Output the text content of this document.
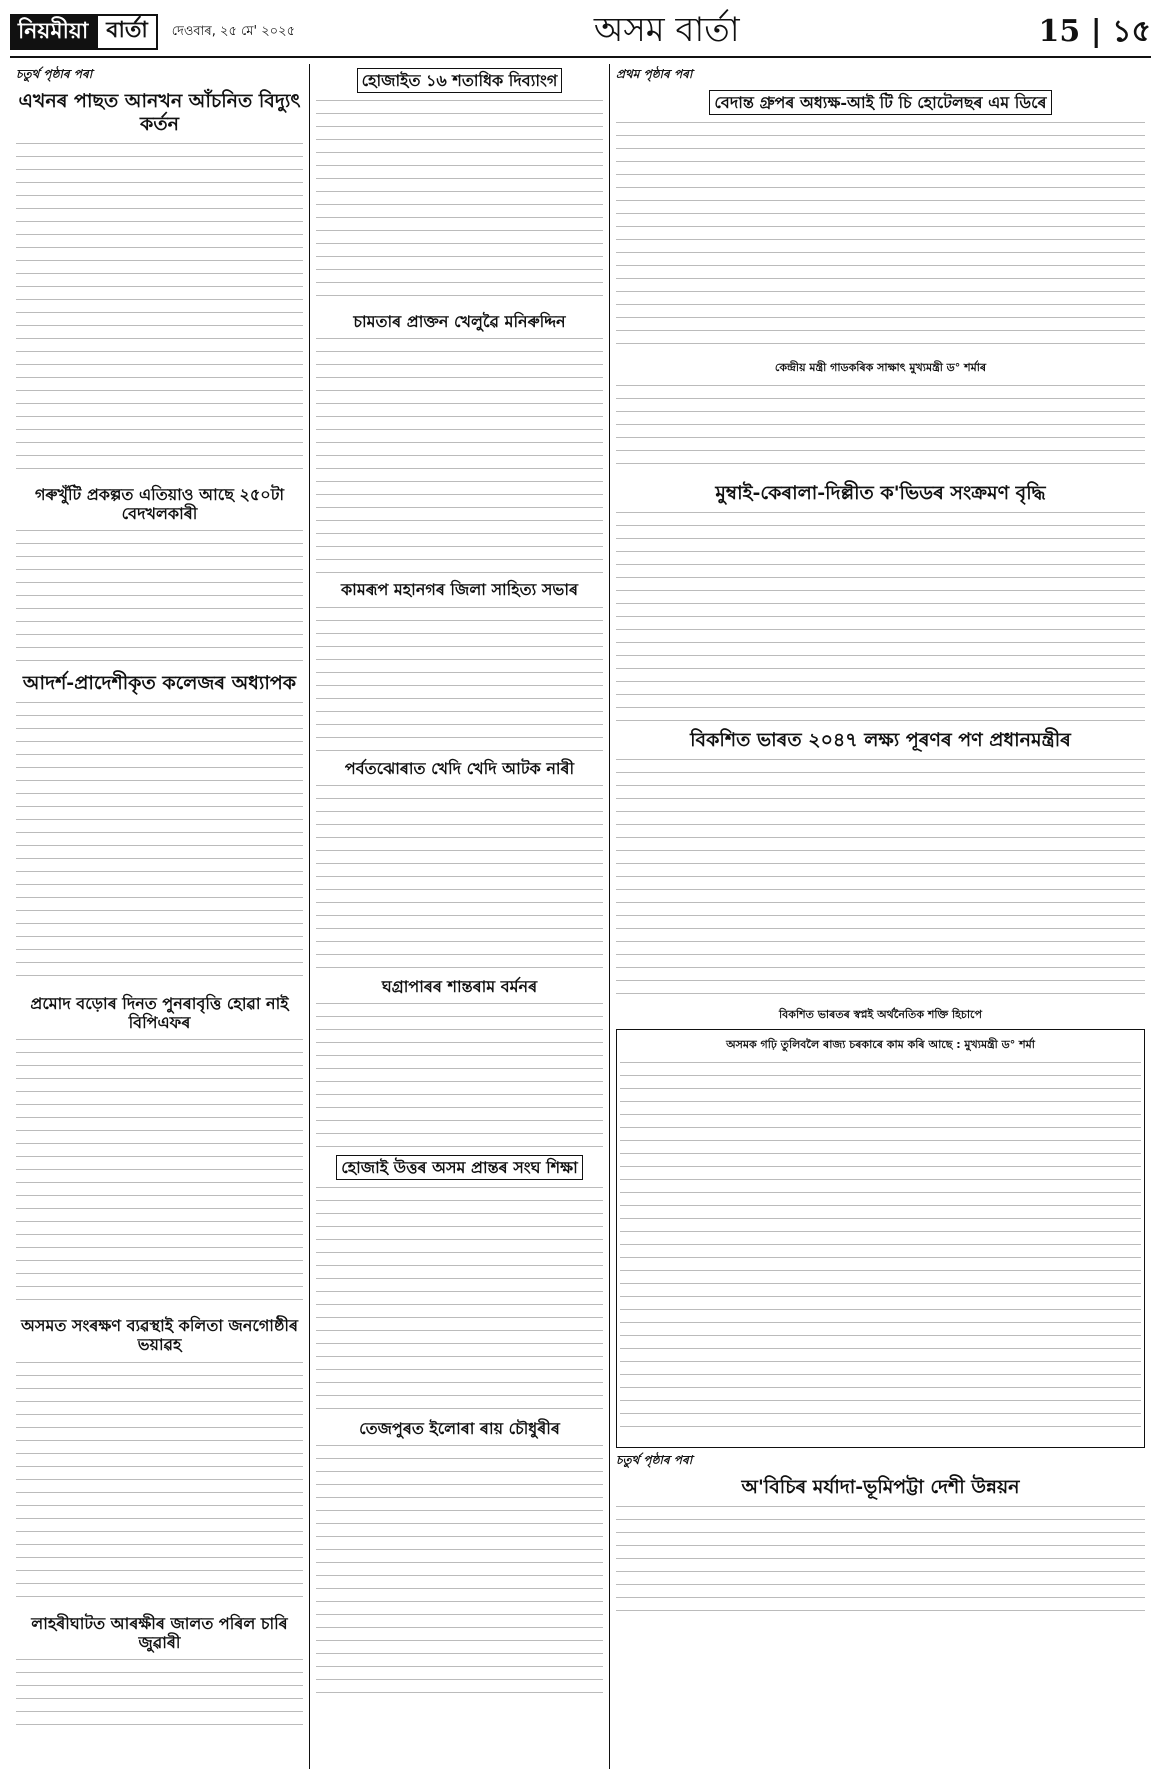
নিয়মীয়া বাৰ্তা	দেওবাৰ, ২৫ মে' ২০২৫	অসম বাৰ্তা	15 | ১৫
চতুৰ্থ পৃষ্ঠাৰ পৰা
এখনৰ পাছত আনখন আঁচনিত বিদ্যুৎ কৰ্তন
গৰুখুঁটি প্ৰকল্পত এতিয়াও আছে ২৫০টা বেদখলকাৰী
আদৰ্শ-প্ৰাদেশীকৃত কলেজৰ অধ্যাপক
প্ৰমোদ বড়োৰ দিনত পুনৰাবৃত্তি হোৱা নাই বিপিএফৰ
অসমত সংৰক্ষণ ব্যৱস্থাই কলিতা জনগোষ্ঠীৰ ভয়াৱহ
লাহৰীঘাটত আৰক্ষীৰ জালত পৰিল চাৰি জুৱাৰী
হোজাইত ১৬ শতাধিক দিব্যাংগ
চামতাৰ প্ৰাক্তন খেলুৱৈ মনিৰুদ্দিন
কামৰূপ মহানগৰ জিলা সাহিত্য সভাৰ
পৰ্বতঝোৰাত খেদি খেদি আটক নাৰী
ঘগ্ৰাপাৰৰ শান্তৰাম বৰ্মনৰ
হোজাই উত্তৰ অসম প্ৰান্তৰ সংঘ শিক্ষা
তেজপুৰত ইলোৰা ৰায় চৌধুৰীৰ
প্ৰথম পৃষ্ঠাৰ পৰা
বেদান্ত গ্ৰুপৰ অধ্যক্ষ-আই টি চি হোটেলছৰ এম ডিৰে
কেন্দ্ৰীয় মন্ত্ৰী গাডকৰিক সাক্ষাৎ মুখ্যমন্ত্ৰী ড° শৰ্মাৰ
মুম্বাই-কেৰালা-দিল্লীত ক'ভিডৰ সংক্ৰমণ বৃদ্ধি
বিকশিত ভাৰত ২০৪৭ লক্ষ্য পূৰণৰ পণ প্ৰধানমন্ত্ৰীৰ
বিকশিত ভাৰতৰ স্বপ্নই অৰ্থনৈতিক শক্তি হিচাপে
অসমক গঢ়ি তুলিবলৈ ৰাজ্য চৰকাৰে কাম কৰি আছে : মুখ্যমন্ত্ৰী ড° শৰ্মা
চতুৰ্থ পৃষ্ঠাৰ পৰা
অ'বিচিৰ মৰ্যাদা-ভূমিপট্টা দেশী উন্নয়ন
